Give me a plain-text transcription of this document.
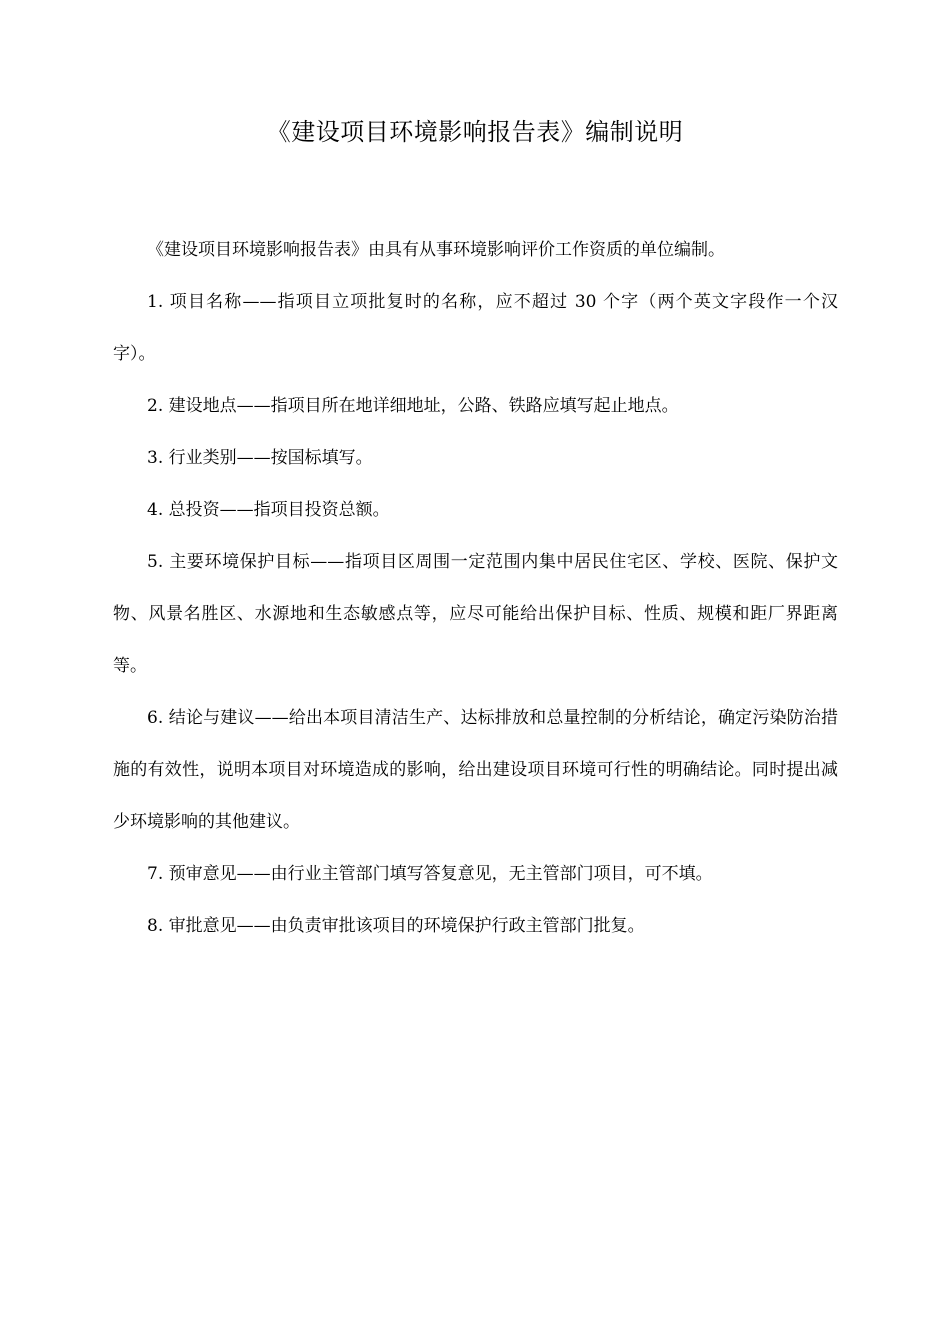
《建设项目环境影响报告表》编制说明

《建设项目环境影响报告表》由具有从事环境影响评价工作资质的单位编制。

1. 项目名称——指项目立项批复时的名称，应不超过 30 个字（两个英文字段作一个汉字）。

2. 建设地点——指项目所在地详细地址，公路、铁路应填写起止地点。

3. 行业类别——按国标填写。

4. 总投资——指项目投资总额。

5. 主要环境保护目标——指项目区周围一定范围内集中居民住宅区、学校、医院、保护文物、风景名胜区、水源地和生态敏感点等，应尽可能给出保护目标、性质、规模和距厂界距离等。

6. 结论与建议——给出本项目清洁生产、达标排放和总量控制的分析结论，确定污染防治措施的有效性，说明本项目对环境造成的影响，给出建设项目环境可行性的明确结论。同时提出减少环境影响的其他建议。

7. 预审意见——由行业主管部门填写答复意见，无主管部门项目，可不填。

8. 审批意见——由负责审批该项目的环境保护行政主管部门批复。
